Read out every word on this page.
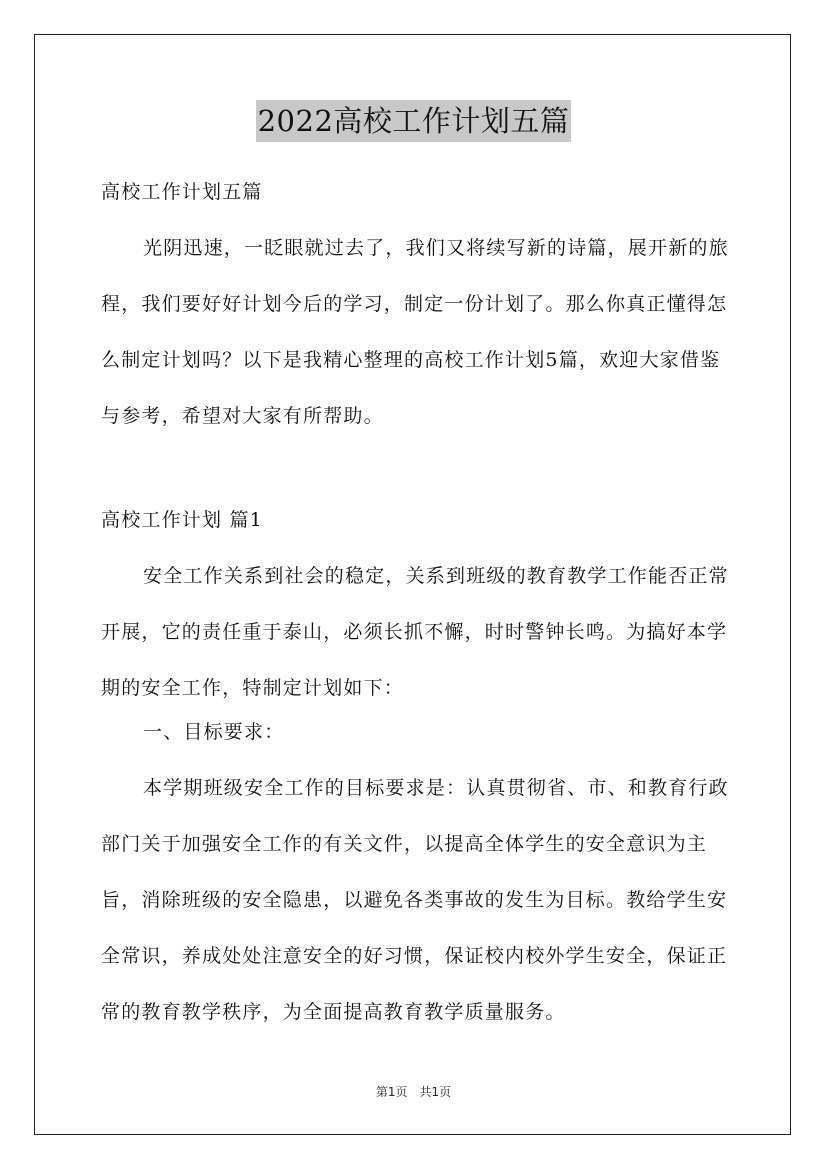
2022高校工作计划五篇
高校工作计划五篇
光阴迅速，一眨眼就过去了，我们又将续写新的诗篇，展开新的旅程，我们要好好计划今后的学习，制定一份计划了。那么你真正懂得怎么制定计划吗？以下是我精心整理的高校工作计划5篇，欢迎大家借鉴与参考，希望对大家有所帮助。
高校工作计划 篇1
安全工作关系到社会的稳定，关系到班级的教育教学工作能否正常开展，它的责任重于泰山，必须长抓不懈，时时警钟长鸣。为搞好本学期的安全工作，特制定计划如下：
一、目标要求：
本学期班级安全工作的目标要求是：认真贯彻省、市、和教育行政部门关于加强安全工作的有关文件，以提高全体学生的安全意识为主旨，消除班级的安全隐患，以避免各类事故的发生为目标。教给学生安全常识，养成处处注意安全的好习惯，保证校内校外学生安全，保证正常的教育教学秩序，为全面提高教育教学质量服务。
第1页 共1页
